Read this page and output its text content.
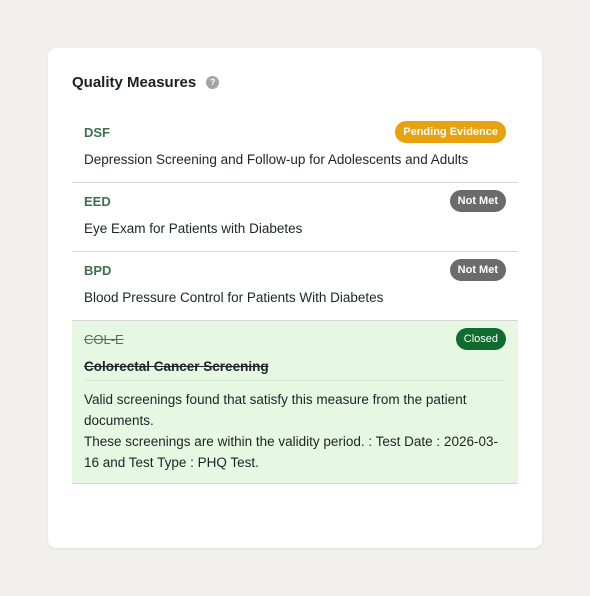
Quality Measures	?
DSF	Pending Evidence
Depression Screening and Follow-up for Adolescents and Adults
EED	Not Met
Eye Exam for Patients with Diabetes
BPD	Not Met
Blood Pressure Control for Patients With Diabetes
COL-E	Closed
Colorectal Cancer Screening
Valid screenings found that satisfy this measure from the patient documents.
These screenings are within the validity period. : Test Date : 2026-03-16 and Test Type : PHQ Test.
